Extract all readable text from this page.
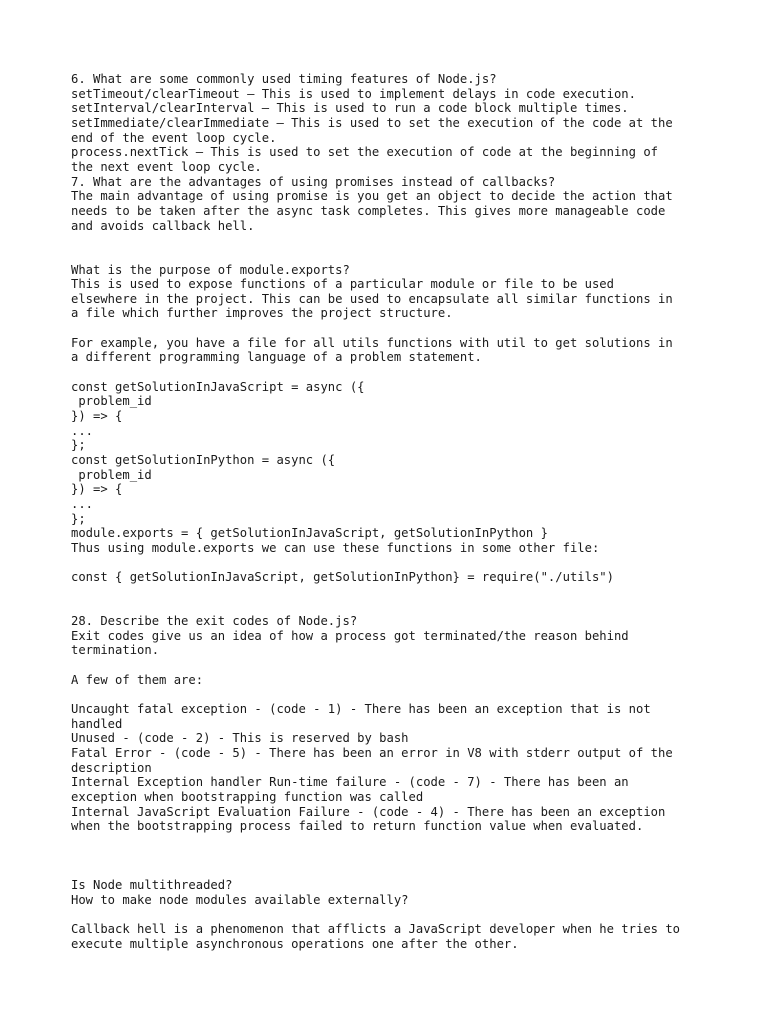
6. What are some commonly used timing features of Node.js?
setTimeout/clearTimeout – This is used to implement delays in code execution.
setInterval/clearInterval – This is used to run a code block multiple times.
setImmediate/clearImmediate – This is used to set the execution of the code at the
end of the event loop cycle.
process.nextTick – This is used to set the execution of code at the beginning of
the next event loop cycle.
7. What are the advantages of using promises instead of callbacks?
The main advantage of using promise is you get an object to decide the action that
needs to be taken after the async task completes. This gives more manageable code
and avoids callback hell.
What is the purpose of module.exports?
This is used to expose functions of a particular module or file to be used
elsewhere in the project. This can be used to encapsulate all similar functions in
a file which further improves the project structure.
For example, you have a file for all utils functions with util to get solutions in
a different programming language of a problem statement.
const getSolutionInJavaScript = async ({
problem_id
}) => {
...
};
const getSolutionInPython = async ({
problem_id
}) => {
...
};
module.exports = { getSolutionInJavaScript, getSolutionInPython }
Thus using module.exports we can use these functions in some other file:
const { getSolutionInJavaScript, getSolutionInPython} = require("./utils")
28. Describe the exit codes of Node.js?
Exit codes give us an idea of how a process got terminated/the reason behind
termination.
A few of them are:
Uncaught fatal exception - (code - 1) - There has been an exception that is not
handled
Unused - (code - 2) - This is reserved by bash
Fatal Error - (code - 5) - There has been an error in V8 with stderr output of the
description
Internal Exception handler Run-time failure - (code - 7) - There has been an
exception when bootstrapping function was called
Internal JavaScript Evaluation Failure - (code - 4) - There has been an exception
when the bootstrapping process failed to return function value when evaluated.
Is Node multithreaded?
How to make node modules available externally?
Callback hell is a phenomenon that afflicts a JavaScript developer when he tries to
execute multiple asynchronous operations one after the other.
